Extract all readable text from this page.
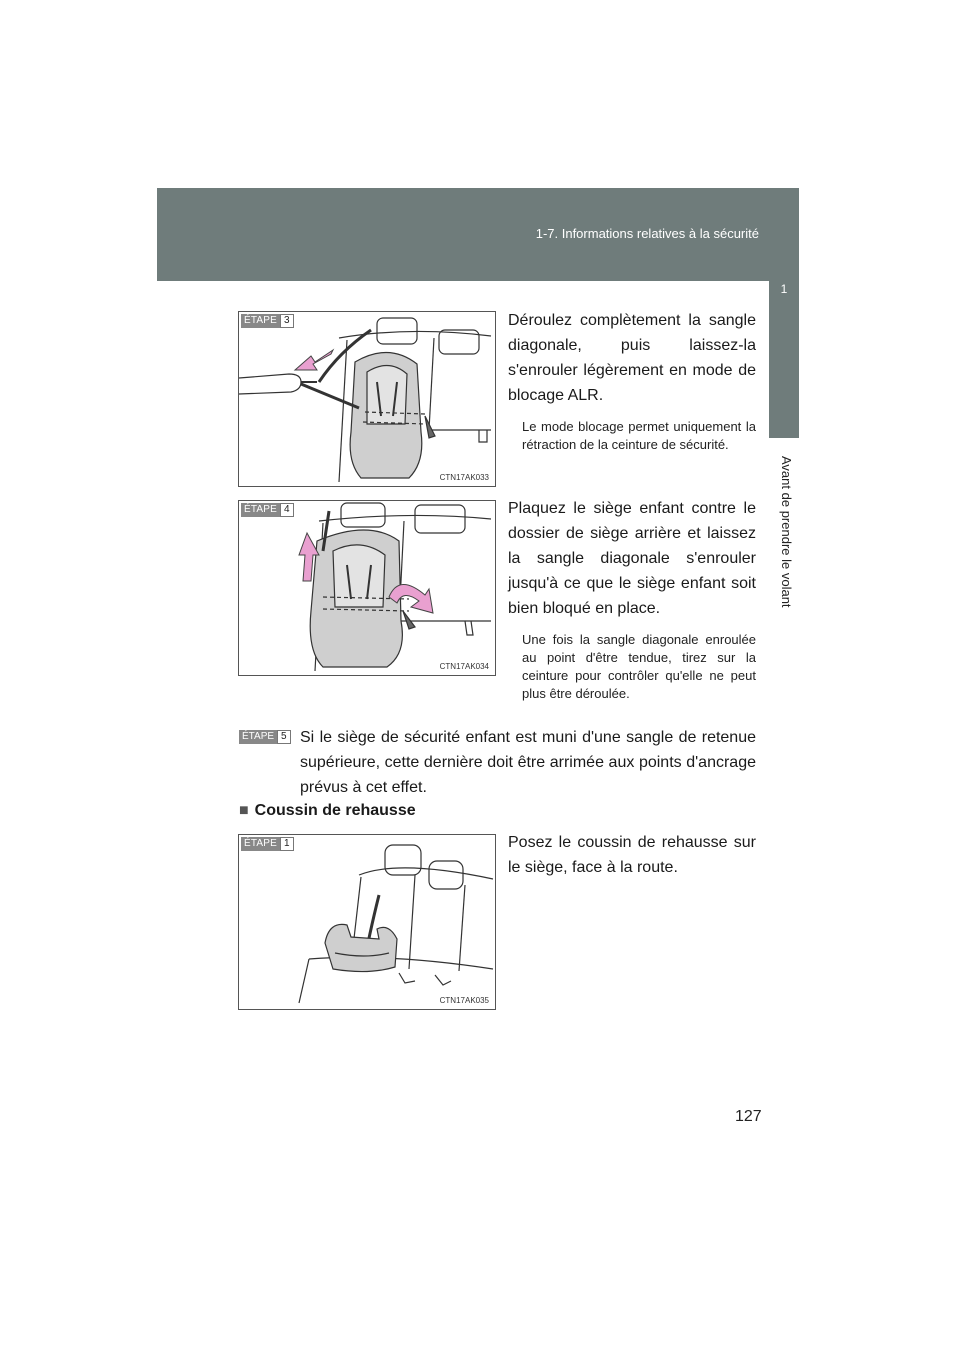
1-7. Informations relatives à la sécurité
1
Avant de prendre le volant
ÉTAPE 3
CTN17AK033
Déroulez complètement la sangle diagonale, puis laissez-la s'enrouler légèrement en mode de blocage ALR.
Le mode blocage permet uniquement la rétraction de la ceinture de sécurité.
ÉTAPE 4
CTN17AK034
Plaquez le siège enfant contre le dossier de siège arrière et laissez la sangle diagonale s'enrouler jusqu'à ce que le siège enfant soit bien bloqué en place.
Une fois la sangle diagonale enroulée au point d'être tendue, tirez sur la ceinture pour contrôler qu'elle ne peut plus être déroulée.
ÉTAPE 5 Si le siège de sécurité enfant est muni d'une sangle de retenue supérieure, cette dernière doit être arrimée aux points d'ancrage prévus à cet effet.
■ Coussin de rehausse
ÉTAPE 1
CTN17AK035
Posez le coussin de rehausse sur le siège, face à la route.
127
